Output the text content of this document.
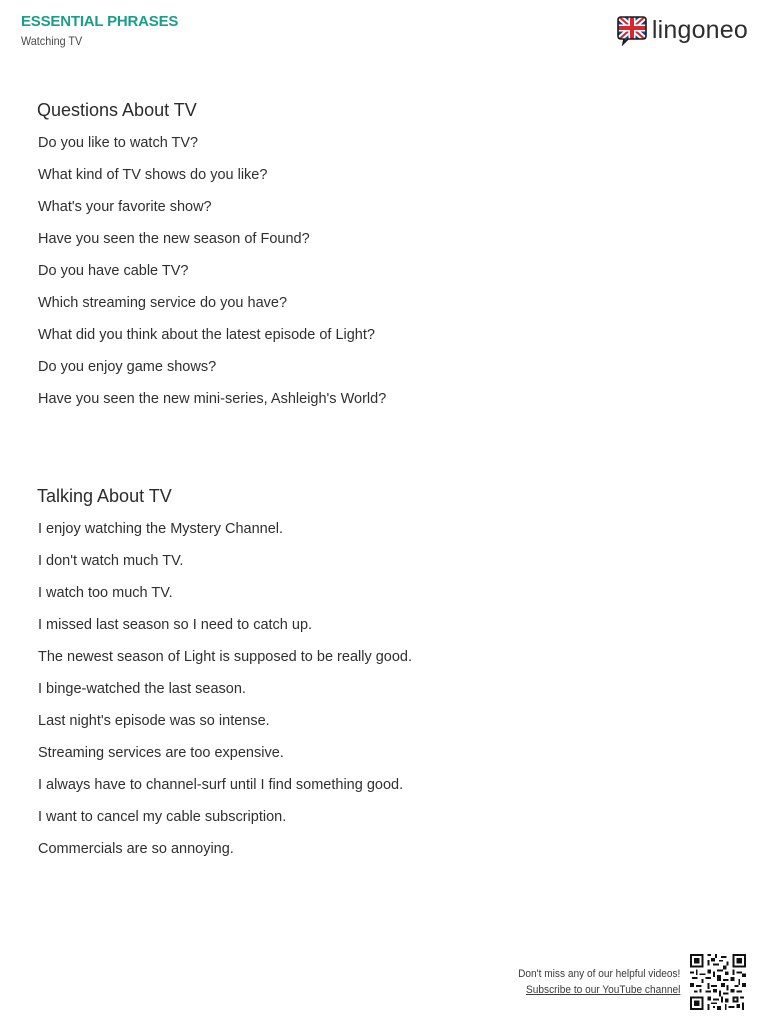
ESSENTIAL PHRASES
Watching TV	lingoneo
Questions About TV
Do you like to watch TV?
What kind of TV shows do you like?
What's your favorite show?
Have you seen the new season of Found?
Do you have cable TV?
Which streaming service do you have?
What did you think about the latest episode of Light?
Do you enjoy game shows?
Have you seen the new mini-series, Ashleigh's World?
Talking About TV
I enjoy watching the Mystery Channel.
I don't watch much TV.
I watch too much TV.
I missed last season so I need to catch up.
The newest season of Light is supposed to be really good.
I binge-watched the last season.
Last night's episode was so intense.
Streaming services are too expensive.
I always have to channel-surf until I find something good.
I want to cancel my cable subscription.
Commercials are so annoying.
Don't miss any of our helpful videos!
Subscribe to our YouTube channel
